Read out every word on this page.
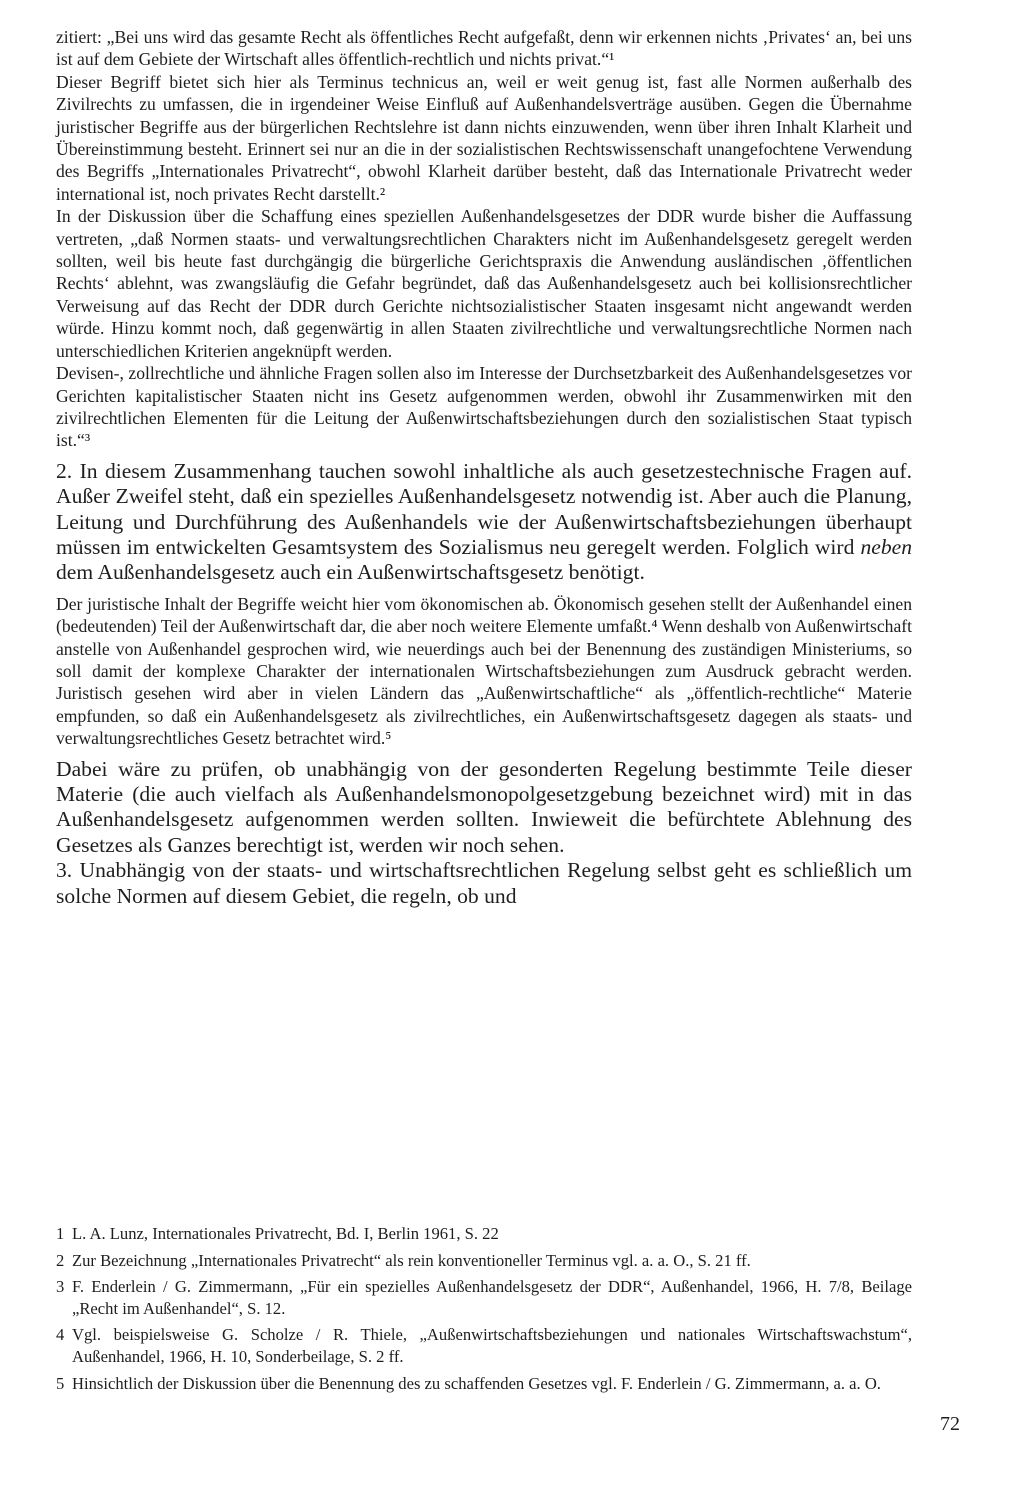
zitiert: „Bei uns wird das gesamte Recht als öffentliches Recht aufgefaßt, denn wir erkennen nichts ‚Privates‘ an, bei uns ist auf dem Gebiete der Wirtschaft alles öffentlich-rechtlich und nichts privat.“¹

Dieser Begriff bietet sich hier als Terminus technicus an, weil er weit genug ist, fast alle Normen außerhalb des Zivilrechts zu umfassen, die in irgendeiner Weise Einfluß auf Außenhandelsverträge ausüben. Gegen die Übernahme juristischer Begriffe aus der bürgerlichen Rechtslehre ist dann nichts einzuwenden, wenn über ihren Inhalt Klarheit und Übereinstimmung besteht. Erinnert sei nur an die in der sozialistischen Rechtswissenschaft unangefochtene Verwendung des Begriffs „Internationales Privatrecht“, obwohl Klarheit darüber besteht, daß das Internationale Privatrecht weder international ist, noch privates Recht darstellt.²

In der Diskussion über die Schaffung eines speziellen Außenhandelsgesetzes der DDR wurde bisher die Auffassung vertreten, „daß Normen staats- und verwaltungsrechtlichen Charakters nicht im Außenhandelsgesetz geregelt werden sollten, weil bis heute fast durchgängig die bürgerliche Gerichtspraxis die Anwendung ausländischen ‚öffentlichen Rechts‘ ablehnt, was zwangsläufig die Gefahr begründet, daß das Außenhandelsgesetz auch bei kollisionsrechtlicher Verweisung auf das Recht der DDR durch Gerichte nichtsozialistischer Staaten insgesamt nicht angewandt werden würde. Hinzu kommt noch, daß gegenwärtig in allen Staaten zivilrechtliche und verwaltungsrechtliche Normen nach unterschiedlichen Kriterien angeknüpft werden.

Devisen-, zollrechtliche und ähnliche Fragen sollen also im Interesse der Durchsetzbarkeit des Außenhandelsgesetzes vor Gerichten kapitalistischer Staaten nicht ins Gesetz aufgenommen werden, obwohl ihr Zusammenwirken mit den zivilrechtlichen Elementen für die Leitung der Außenwirtschaftsbeziehungen durch den sozialistischen Staat typisch ist.“³

2. In diesem Zusammenhang tauchen sowohl inhaltliche als auch gesetzestechnische Fragen auf. Außer Zweifel steht, daß ein spezielles Außenhandelsgesetz notwendig ist. Aber auch die Planung, Leitung und Durchführung des Außenhandels wie der Außenwirtschaftsbeziehungen überhaupt müssen im entwickelten Gesamtsystem des Sozialismus neu geregelt werden. Folglich wird neben dem Außenhandelsgesetz auch ein Außenwirtschaftsgesetz benötigt.

Der juristische Inhalt der Begriffe weicht hier vom ökonomischen ab. Ökonomisch gesehen stellt der Außenhandel einen (bedeutenden) Teil der Außenwirtschaft dar, die aber noch weitere Elemente umfaßt.⁴ Wenn deshalb von Außenwirtschaft anstelle von Außenhandel gesprochen wird, wie neuerdings auch bei der Benennung des zuständigen Ministeriums, so soll damit der komplexe Charakter der internationalen Wirtschaftsbeziehungen zum Ausdruck gebracht werden. Juristisch gesehen wird aber in vielen Ländern das „Außenwirtschaftliche“ als „öffentlich-rechtliche“ Materie empfunden, so daß ein Außenhandelsgesetz als zivilrechtliches, ein Außenwirtschaftsgesetz dagegen als staats- und verwaltungsrechtliches Gesetz betrachtet wird.⁵

Dabei wäre zu prüfen, ob unabhängig von der gesonderten Regelung bestimmte Teile dieser Materie (die auch vielfach als Außenhandelsmonopolgesetzgebung bezeichnet wird) mit in das Außenhandelsgesetz aufgenommen werden sollten. Inwieweit die befürchtete Ablehnung des Gesetzes als Ganzes berechtigt ist, werden wir noch sehen.

3. Unabhängig von der staats- und wirtschaftsrechtlichen Regelung selbst geht es schließlich um solche Normen auf diesem Gebiet, die regeln, ob und

1 L. A. Lunz, Internationales Privatrecht, Bd. I, Berlin 1961, S. 22
2 Zur Bezeichnung „Internationales Privatrecht“ als rein konventioneller Terminus vgl. a. a. O., S. 21 ff.
3 F. Enderlein / G. Zimmermann, „Für ein spezielles Außenhandelsgesetz der DDR“, Außenhandel, 1966, H. 7/8, Beilage „Recht im Außenhandel“, S. 12.
4 Vgl. beispielsweise G. Scholze / R. Thiele, „Außenwirtschaftsbeziehungen und nationales Wirtschaftswachstum“, Außenhandel, 1966, H. 10, Sonderbeilage, S. 2 ff.
5 Hinsichtlich der Diskussion über die Benennung des zu schaffenden Gesetzes vgl. F. Enderlein / G. Zimmermann, a. a. O.
72
